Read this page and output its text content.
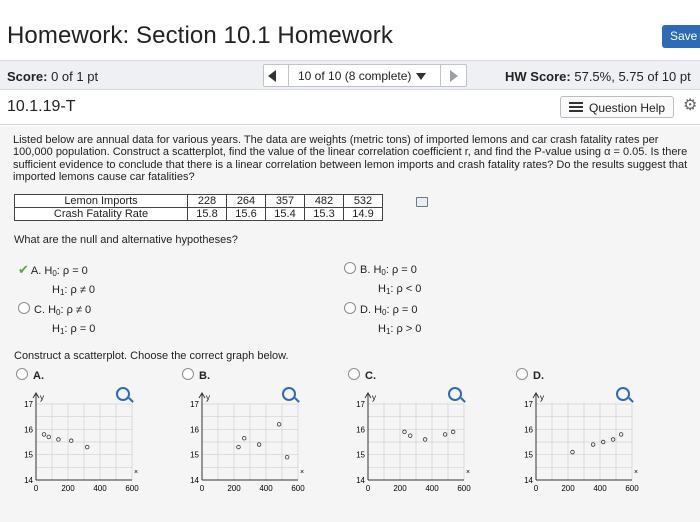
Homework: Section 10.1 Homework	Save
Score: 0 of 1 pt	10 of 10 (8 complete)	HW Score: 57.5%, 5.75 of 10 pt
10.1.19-T	Question Help ⚙
Listed below are annual data for various years. The data are weights (metric tons) of imported lemons and car crash fatality rates per 100,000 population. Construct a scatterplot, find the value of the linear correlation coefficient r, and find the P-value using α = 0.05. Is there sufficient evidence to conclude that there is a linear correlation between lemon imports and crash fatality rates? Do the results suggest that imported lemons cause car fatalities?
Lemon Imports	228	264	357	482	532
Crash Fatality Rate	15.8	15.6	15.4	15.3	14.9
What are the null and alternative hypotheses?
✔ A. $H_0$: ρ = 0
$H_1$: ρ ≠ 0
B. $H_0$: ρ = 0
$H_1$: ρ < 0
C. $H_0$: ρ ≠ 0
$H_1$: ρ = 0
D. $H_0$: ρ = 0
$H_1$: ρ > 0
Construct a scatterplot. Choose the correct graph below.
A.
y
17
16
15
14
0	200 400 600
×
B.
y
17
16
15
14
0	200 400 600
×
C.
y
17
16
15
14
0	200 400 600
×
D.
y
17
16
15
14
0	200 400 600
×
